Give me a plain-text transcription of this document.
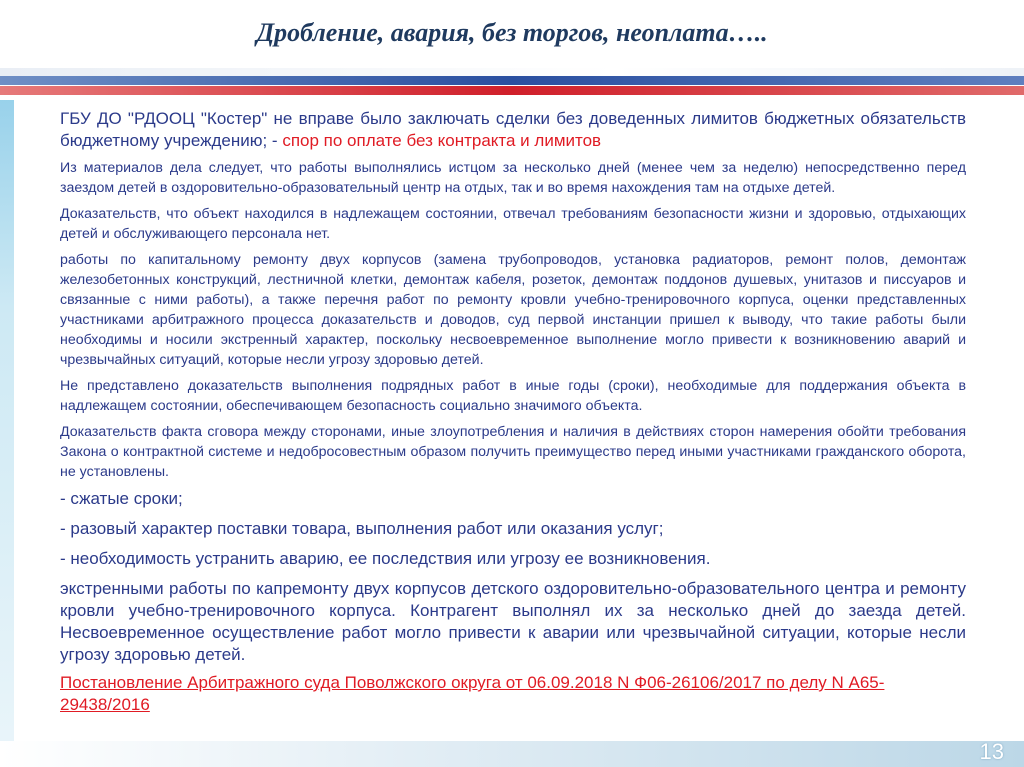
Дробление, авария, без торгов, неоплата…..

ГБУ ДО "РДООЦ "Костер" не вправе было заключать сделки без доведенных лимитов бюджетных обязательств бюджетному учреждению; - спор по оплате без контракта и лимитов

Из материалов дела следует, что работы выполнялись истцом за несколько дней (менее чем за неделю) непосредственно перед заездом детей в оздоровительно-образовательный центр на отдых, так и во время нахождения там на отдыхе детей.

Доказательств, что объект находился в надлежащем состоянии, отвечал требованиям безопасности жизни и здоровью, отдыхающих детей и обслуживающего персонала нет.

работы по капитальному ремонту двух корпусов (замена трубопроводов, установка радиаторов, ремонт полов, демонтаж железобетонных конструкций, лестничной клетки, демонтаж кабеля, розеток, демонтаж поддонов душевых, унитазов и писсуаров и связанные с ними работы), а также перечня работ по ремонту кровли учебно-тренировочного корпуса, оценки представленных участниками арбитражного процесса доказательств и доводов, суд первой инстанции пришел к выводу, что такие работы были необходимы и носили экстренный характер, поскольку несвоевременное выполнение могло привести к возникновению аварий и чрезвычайных ситуаций, которые несли угрозу здоровью детей.

Не представлено доказательств выполнения подрядных работ в иные годы (сроки), необходимые для поддержания объекта в надлежащем состоянии, обеспечивающем безопасность социально значимого объекта.

Доказательств факта сговора между сторонами, иные злоупотребления и наличия в действиях сторон намерения обойти требования Закона о контрактной системе и недобросовестным образом получить преимущество перед иными участниками гражданского оборота, не установлены.

- сжатые сроки;

- разовый характер поставки товара, выполнения работ или оказания услуг;

- необходимость устранить аварию, ее последствия или угрозу ее возникновения.

экстренными работы по капремонту двух корпусов детского оздоровительно-образовательного центра и ремонту кровли учебно-тренировочного корпуса. Контрагент выполнял их за несколько дней до заезда детей. Несвоевременное осуществление работ могло привести к аварии или чрезвычайной ситуации, которые несли угрозу здоровью детей.

Постановление Арбитражного суда Поволжского округа от 06.09.2018 N Ф06-26106/2017 по делу N А65-29438/2016

13
